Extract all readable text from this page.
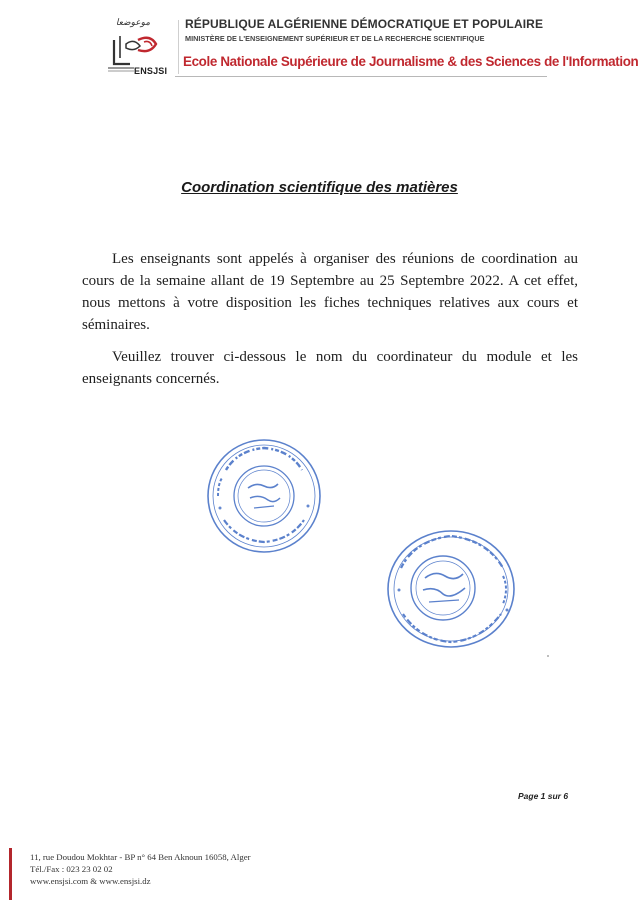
موعوضعا
ENSJSI
RÉPUBLIQUE ALGÉRIENNE DÉMOCRATIQUE ET POPULAIRE
MINISTÈRE DE L'ENSEIGNEMENT SUPÉRIEUR ET DE LA RECHERCHE SCIENTIFIQUE
Ecole Nationale Supérieure de Journalisme & des Sciences de l'Information
Coordination scientifique des matières
Les enseignants sont appelés à organiser des réunions de coordination au cours de la semaine allant de 19 Septembre au 25 Septembre 2022. A cet effet, nous mettons à votre disposition les fiches techniques relatives aux cours et séminaires.
Veuillez trouver ci-dessous le nom du coordinateur du module et les enseignants concernés.
Page 1 sur 6
11, rue Doudou Mokhtar - BP n° 64 Ben Aknoun 16058, Alger
Tél./Fax : 023 23 02 02
www.ensjsi.com & www.ensjsi.dz
